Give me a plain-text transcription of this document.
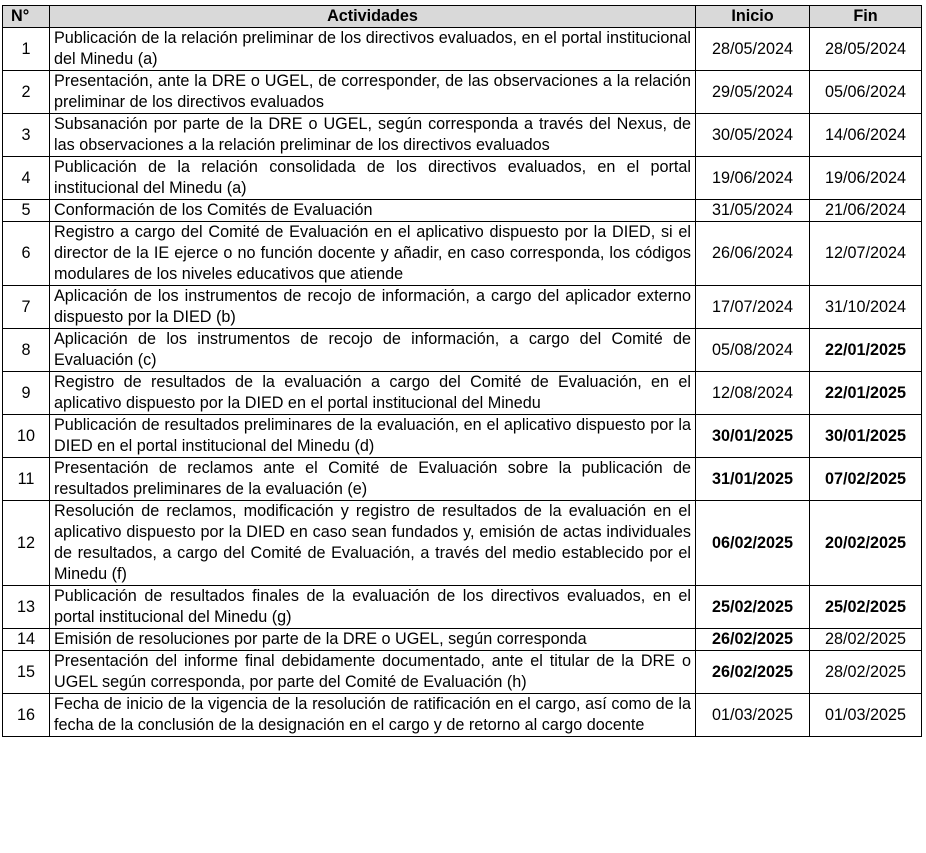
N°	Actividades	Inicio	Fin
1	Publicación de la relación preliminar de los directivos evaluados, en el portal institucional del Minedu (a)	28/05/2024	28/05/2024
2	Presentación, ante la DRE o UGEL, de corresponder, de las observaciones a la relación preliminar de los directivos evaluados	29/05/2024	05/06/2024
3	Subsanación por parte de la DRE o UGEL, según corresponda a través del Nexus, de las observaciones a la relación preliminar de los directivos evaluados	30/05/2024	14/06/2024
4	Publicación de la relación consolidada de los directivos evaluados, en el portal institucional del Minedu (a)	19/06/2024	19/06/2024
5	Conformación de los Comités de Evaluación	31/05/2024	21/06/2024
6	Registro a cargo del Comité de Evaluación en el aplicativo dispuesto por la DIED, si el director de la IE ejerce o no función docente y añadir, en caso corresponda, los códigos modulares de los niveles educativos que atiende	26/06/2024	12/07/2024
7	Aplicación de los instrumentos de recojo de información, a cargo del aplicador externo dispuesto por la DIED (b)	17/07/2024	31/10/2024
8	Aplicación de los instrumentos de recojo de información, a cargo del Comité de Evaluación (c)	05/08/2024	22/01/2025
9	Registro de resultados de la evaluación a cargo del Comité de Evaluación, en el aplicativo dispuesto por la DIED en el portal institucional del Minedu	12/08/2024	22/01/2025
10	Publicación de resultados preliminares de la evaluación, en el aplicativo dispuesto por la DIED en el portal institucional del Minedu (d)	30/01/2025	30/01/2025
11	Presentación de reclamos ante el Comité de Evaluación sobre la publicación de resultados preliminares de la evaluación (e)	31/01/2025	07/02/2025
12	Resolución de reclamos, modificación y registro de resultados de la evaluación en el aplicativo dispuesto por la DIED en caso sean fundados y, emisión de actas individuales de resultados, a cargo del Comité de Evaluación, a través del medio establecido por el Minedu (f)	06/02/2025	20/02/2025
13	Publicación de resultados finales de la evaluación de los directivos evaluados, en el portal institucional del Minedu (g)	25/02/2025	25/02/2025
14	Emisión de resoluciones por parte de la DRE o UGEL, según corresponda	26/02/2025	28/02/2025
15	Presentación del informe final debidamente documentado, ante el titular de la DRE o UGEL según corresponda, por parte del Comité de Evaluación (h)	26/02/2025	28/02/2025
16	Fecha de inicio de la vigencia de la resolución de ratificación en el cargo, así como de la fecha de la conclusión de la designación en el cargo y de retorno al cargo docente	01/03/2025	01/03/2025
